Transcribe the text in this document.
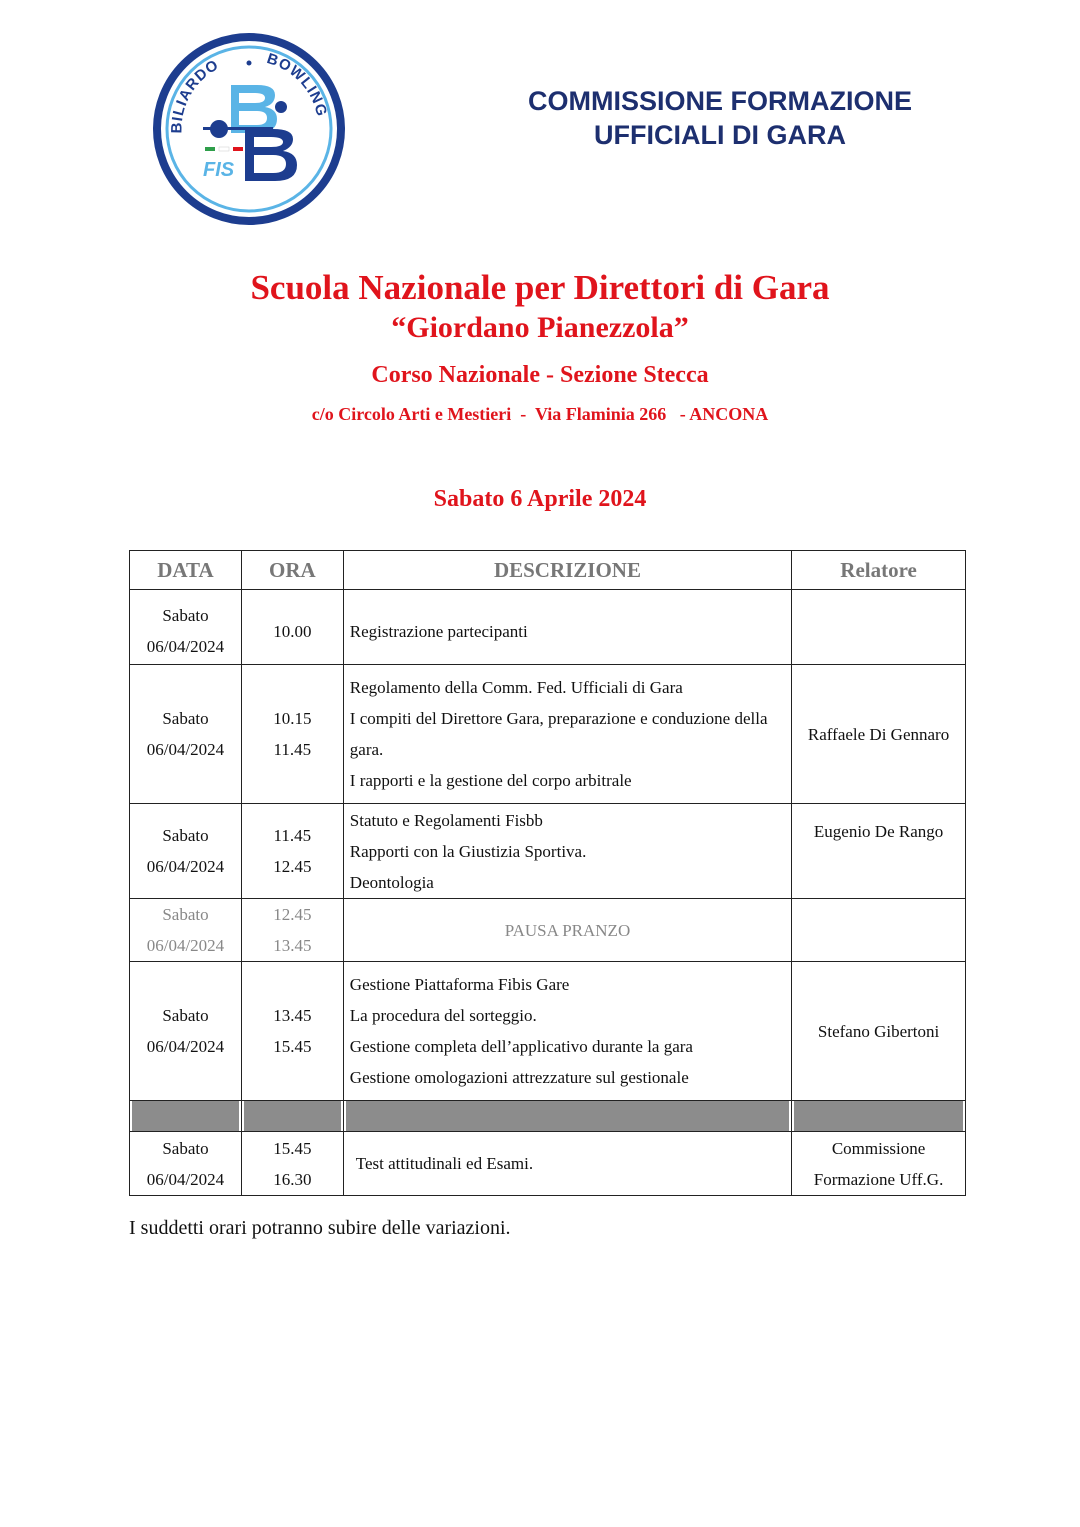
BILIARDO	BOWLING
FIS
COMMISSIONE FORMAZIONE
UFFICIALI DI GARA
Scuola Nazionale per Direttori di Gara
“Giordano Pianezzola”
Corso Nazionale - Sezione Stecca
c/o Circolo Arti e Mestieri  -  Via Flaminia 266   - ANCONA
Sabato 6 Aprile 2024
DATA	ORA	DESCRIZIONE	Relatore

Sabato
06/04/2024	10.00	Registrazione partecipanti	

Sabato
06/04/2024	10.15
11.45	Regolamento della Comm. Fed. Ufficiali di Gara
I compiti del Direttore Gara, preparazione e conduzione della gara.
I rapporti e la gestione del corpo arbitrale	Raffaele Di Gennaro

Sabato
06/04/2024	11.45
12.45	Statuto e Regolamenti Fisbb
Rapporti con la Giustizia Sportiva.
Deontologia	Eugenio De Rango

Sabato
06/04/2024	12.45
13.45	PAUSA PRANZO	

Sabato
06/04/2024	13.45
15.45	Gestione Piattaforma Fibis Gare
La procedura del sorteggio.
Gestione completa dell’applicativo durante la gara
Gestione omologazioni attrezzature sul gestionale	Stefano Gibertoni

Sabato
06/04/2024	15.45
16.30	Test attitudinali ed Esami.	Commissione
Formazione Uff.G.
I suddetti orari potranno subire delle variazioni.
